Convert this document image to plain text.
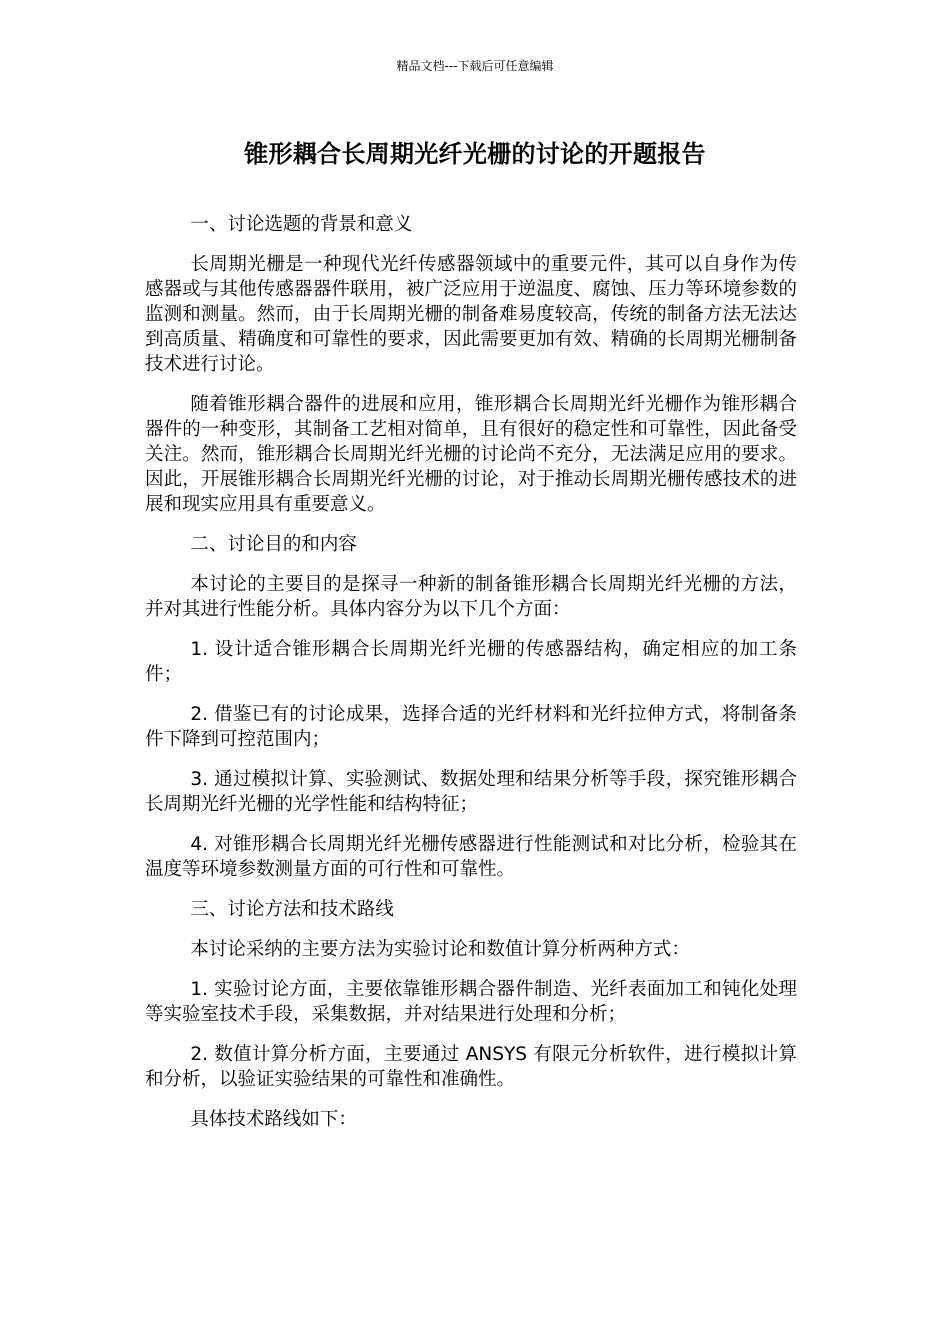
精品文档---下载后可任意编辑
锥形耦合长周期光纤光栅的讨论的开题报告

一、讨论选题的背景和意义

长周期光栅是一种现代光纤传感器领域中的重要元件，其可以自身作为传感器或与其他传感器器件联用，被广泛应用于逆温度、腐蚀、压力等环境参数的监测和测量。然而，由于长周期光栅的制备难易度较高，传统的制备方法无法达到高质量、精确度和可靠性的要求，因此需要更加有效、精确的长周期光栅制备技术进行讨论。

随着锥形耦合器件的进展和应用，锥形耦合长周期光纤光栅作为锥形耦合器件的一种变形，其制备工艺相对简单，且有很好的稳定性和可靠性，因此备受关注。然而，锥形耦合长周期光纤光栅的讨论尚不充分，无法满足应用的要求。因此，开展锥形耦合长周期光纤光栅的讨论，对于推动长周期光栅传感技术的进展和现实应用具有重要意义。

二、讨论目的和内容

本讨论的主要目的是探寻一种新的制备锥形耦合长周期光纤光栅的方法，并对其进行性能分析。具体内容分为以下几个方面：

1. 设计适合锥形耦合长周期光纤光栅的传感器结构，确定相应的加工条件；

2. 借鉴已有的讨论成果，选择合适的光纤材料和光纤拉伸方式，将制备条件下降到可控范围内；

3. 通过模拟计算、实验测试、数据处理和结果分析等手段，探究锥形耦合长周期光纤光栅的光学性能和结构特征；

4. 对锥形耦合长周期光纤光栅传感器进行性能测试和对比分析，检验其在温度等环境参数测量方面的可行性和可靠性。

三、讨论方法和技术路线

本讨论采纳的主要方法为实验讨论和数值计算分析两种方式：

1. 实验讨论方面，主要依靠锥形耦合器件制造、光纤表面加工和钝化处理等实验室技术手段，采集数据，并对结果进行处理和分析；

2. 数值计算分析方面，主要通过 ANSYS 有限元分析软件，进行模拟计算和分析，以验证实验结果的可靠性和准确性。

具体技术路线如下：
